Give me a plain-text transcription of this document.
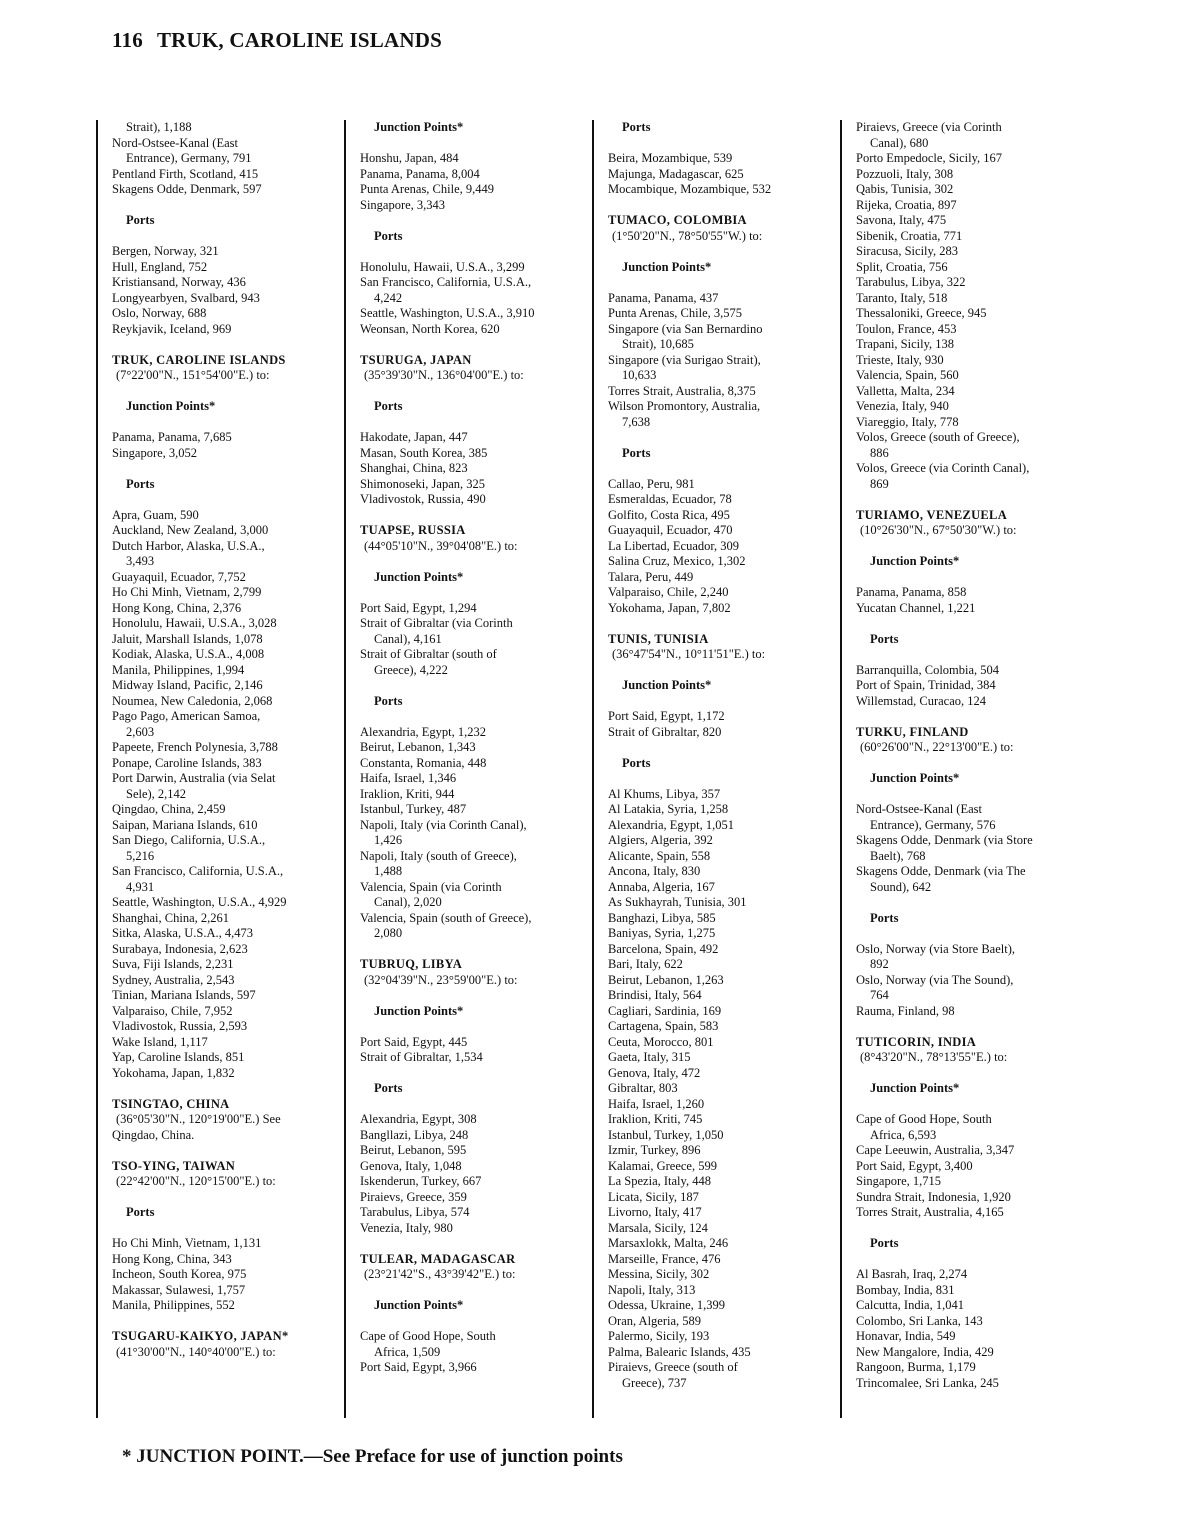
116 TRUK, CAROLINE ISLANDS
Strait), 1,188
Nord-Ostsee-Kanal (East
Entrance), Germany, 791
Pentland Firth, Scotland, 415
Skagens Odde, Denmark, 597
Ports
Bergen, Norway, 321
Hull, England, 752
Kristiansand, Norway, 436
Longyearbyen, Svalbard, 943
Oslo, Norway, 688
Reykjavik, Iceland, 969
TRUK, CAROLINE ISLANDS
(7°22'00"N., 151°54'00"E.) to:
Junction Points*
Panama, Panama, 7,685
Singapore, 3,052
Ports
Apra, Guam, 590
Auckland, New Zealand, 3,000
Dutch Harbor, Alaska, U.S.A.,
3,493
Guayaquil, Ecuador, 7,752
Ho Chi Minh, Vietnam, 2,799
Hong Kong, China, 2,376
Honolulu, Hawaii, U.S.A., 3,028
Jaluit, Marshall Islands, 1,078
Kodiak, Alaska, U.S.A., 4,008
Manila, Philippines, 1,994
Midway Island, Pacific, 2,146
Noumea, New Caledonia, 2,068
Pago Pago, American Samoa,
2,603
Papeete, French Polynesia, 3,788
Ponape, Caroline Islands, 383
Port Darwin, Australia (via Selat
Sele), 2,142
Qingdao, China, 2,459
Saipan, Mariana Islands, 610
San Diego, California, U.S.A.,
5,216
San Francisco, California, U.S.A.,
4,931
Seattle, Washington, U.S.A., 4,929
Shanghai, China, 2,261
Sitka, Alaska, U.S.A., 4,473
Surabaya, Indonesia, 2,623
Suva, Fiji Islands, 2,231
Sydney, Australia, 2,543
Tinian, Mariana Islands, 597
Valparaiso, Chile, 7,952
Vladivostok, Russia, 2,593
Wake Island, 1,117
Yap, Caroline Islands, 851
Yokohama, Japan, 1,832
TSINGTAO, CHINA
(36°05'30"N., 120°19'00"E.) See
Qingdao, China.
TSO-YING, TAIWAN
(22°42'00"N., 120°15'00"E.) to:
Ports
Ho Chi Minh, Vietnam, 1,131
Hong Kong, China, 343
Incheon, South Korea, 975
Makassar, Sulawesi, 1,757
Manila, Philippines, 552
TSUGARU-KAIKYO, JAPAN*
(41°30'00"N., 140°40'00"E.) to:
Junction Points*
Honshu, Japan, 484
Panama, Panama, 8,004
Punta Arenas, Chile, 9,449
Singapore, 3,343
Ports
Honolulu, Hawaii, U.S.A., 3,299
San Francisco, California, U.S.A.,
4,242
Seattle, Washington, U.S.A., 3,910
Weonsan, North Korea, 620
TSURUGA, JAPAN
(35°39'30"N., 136°04'00"E.) to:
Ports
Hakodate, Japan, 447
Masan, South Korea, 385
Shanghai, China, 823
Shimonoseki, Japan, 325
Vladivostok, Russia, 490
TUAPSE, RUSSIA
(44°05'10"N., 39°04'08"E.) to:
Junction Points*
Port Said, Egypt, 1,294
Strait of Gibraltar (via Corinth
Canal), 4,161
Strait of Gibraltar (south of
Greece), 4,222
Ports
Alexandria, Egypt, 1,232
Beirut, Lebanon, 1,343
Constanta, Romania, 448
Haifa, Israel, 1,346
Iraklion, Kriti, 944
Istanbul, Turkey, 487
Napoli, Italy (via Corinth Canal),
1,426
Napoli, Italy (south of Greece),
1,488
Valencia, Spain (via Corinth
Canal), 2,020
Valencia, Spain (south of Greece),
2,080
TUBRUQ, LIBYA
(32°04'39"N., 23°59'00"E.) to:
Junction Points*
Port Said, Egypt, 445
Strait of Gibraltar, 1,534
Ports
Alexandria, Egypt, 308
Bangllazi, Libya, 248
Beirut, Lebanon, 595
Genova, Italy, 1,048
Iskenderun, Turkey, 667
Piraievs, Greece, 359
Tarabulus, Libya, 574
Venezia, Italy, 980
TULEAR, MADAGASCAR
(23°21'42"S., 43°39'42"E.) to:
Junction Points*
Cape of Good Hope, South
Africa, 1,509
Port Said, Egypt, 3,966
Ports
Beira, Mozambique, 539
Majunga, Madagascar, 625
Mocambique, Mozambique, 532
TUMACO, COLOMBIA
(1°50'20"N., 78°50'55"W.) to:
Junction Points*
Panama, Panama, 437
Punta Arenas, Chile, 3,575
Singapore (via San Bernardino
Strait), 10,685
Singapore (via Surigao Strait),
10,633
Torres Strait, Australia, 8,375
Wilson Promontory, Australia,
7,638
Ports
Callao, Peru, 981
Esmeraldas, Ecuador, 78
Golfito, Costa Rica, 495
Guayaquil, Ecuador, 470
La Libertad, Ecuador, 309
Salina Cruz, Mexico, 1,302
Talara, Peru, 449
Valparaiso, Chile, 2,240
Yokohama, Japan, 7,802
TUNIS, TUNISIA
(36°47'54"N., 10°11'51"E.) to:
Junction Points*
Port Said, Egypt, 1,172
Strait of Gibraltar, 820
Ports
Al Khums, Libya, 357
Al Latakia, Syria, 1,258
Alexandria, Egypt, 1,051
Algiers, Algeria, 392
Alicante, Spain, 558
Ancona, Italy, 830
Annaba, Algeria, 167
As Sukhayrah, Tunisia, 301
Banghazi, Libya, 585
Baniyas, Syria, 1,275
Barcelona, Spain, 492
Bari, Italy, 622
Beirut, Lebanon, 1,263
Brindisi, Italy, 564
Cagliari, Sardinia, 169
Cartagena, Spain, 583
Ceuta, Morocco, 801
Gaeta, Italy, 315
Genova, Italy, 472
Gibraltar, 803
Haifa, Israel, 1,260
Iraklion, Kriti, 745
Istanbul, Turkey, 1,050
Izmir, Turkey, 896
Kalamai, Greece, 599
La Spezia, Italy, 448
Licata, Sicily, 187
Livorno, Italy, 417
Marsala, Sicily, 124
Marsaxlokk, Malta, 246
Marseille, France, 476
Messina, Sicily, 302
Napoli, Italy, 313
Odessa, Ukraine, 1,399
Oran, Algeria, 589
Palermo, Sicily, 193
Palma, Balearic Islands, 435
Piraievs, Greece (south of
Greece), 737
Piraievs, Greece (via Corinth
Canal), 680
Porto Empedocle, Sicily, 167
Pozzuoli, Italy, 308
Qabis, Tunisia, 302
Rijeka, Croatia, 897
Savona, Italy, 475
Sibenik, Croatia, 771
Siracusa, Sicily, 283
Split, Croatia, 756
Tarabulus, Libya, 322
Taranto, Italy, 518
Thessaloniki, Greece, 945
Toulon, France, 453
Trapani, Sicily, 138
Trieste, Italy, 930
Valencia, Spain, 560
Valletta, Malta, 234
Venezia, Italy, 940
Viareggio, Italy, 778
Volos, Greece (south of Greece),
886
Volos, Greece (via Corinth Canal),
869
TURIAMO, VENEZUELA
(10°26'30"N., 67°50'30"W.) to:
Junction Points*
Panama, Panama, 858
Yucatan Channel, 1,221
Ports
Barranquilla, Colombia, 504
Port of Spain, Trinidad, 384
Willemstad, Curacao, 124
TURKU, FINLAND
(60°26'00"N., 22°13'00"E.) to:
Junction Points*
Nord-Ostsee-Kanal (East
Entrance), Germany, 576
Skagens Odde, Denmark (via Store
Baelt), 768
Skagens Odde, Denmark (via The
Sound), 642
Ports
Oslo, Norway (via Store Baelt),
892
Oslo, Norway (via The Sound),
764
Rauma, Finland, 98
TUTICORIN, INDIA
(8°43'20"N., 78°13'55"E.) to:
Junction Points*
Cape of Good Hope, South
Africa, 6,593
Cape Leeuwin, Australia, 3,347
Port Said, Egypt, 3,400
Singapore, 1,715
Sundra Strait, Indonesia, 1,920
Torres Strait, Australia, 4,165
Ports
Al Basrah, Iraq, 2,274
Bombay, India, 831
Calcutta, India, 1,041
Colombo, Sri Lanka, 143
Honavar, India, 549
New Mangalore, India, 429
Rangoon, Burma, 1,179
Trincomalee, Sri Lanka, 245
* JUNCTION POINT.—See Preface for use of junction points
